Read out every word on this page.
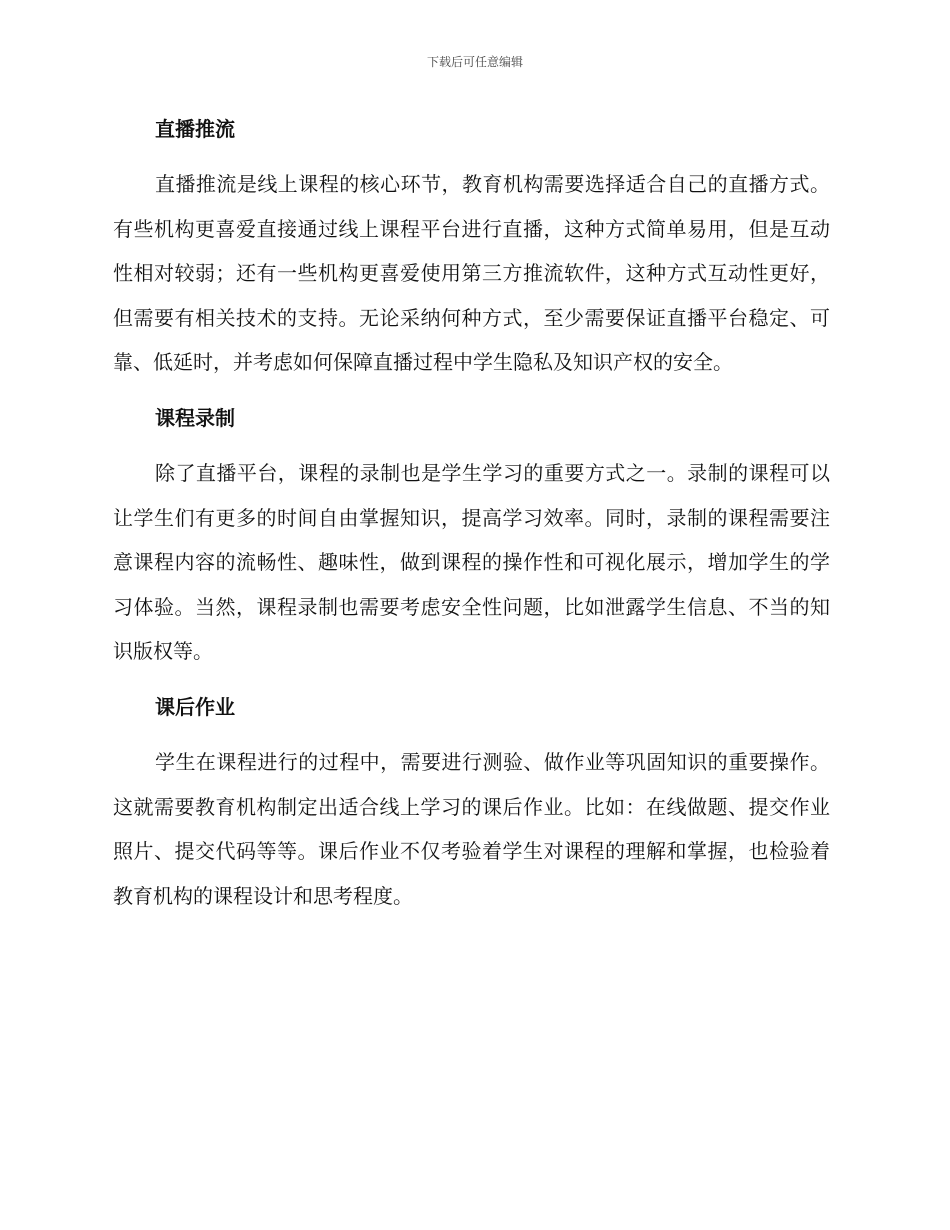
下载后可任意编辑
直播推流

直播推流是线上课程的核心环节，教育机构需要选择适合自己的直播方式。有些机构更喜爱直接通过线上课程平台进行直播，这种方式简单易用，但是互动性相对较弱；还有一些机构更喜爱使用第三方推流软件，这种方式互动性更好，但需要有相关技术的支持。无论采纳何种方式，至少需要保证直播平台稳定、可靠、低延时，并考虑如何保障直播过程中学生隐私及知识产权的安全。

课程录制

除了直播平台，课程的录制也是学生学习的重要方式之一。录制的课程可以让学生们有更多的时间自由掌握知识，提高学习效率。同时，录制的课程需要注意课程内容的流畅性、趣味性，做到课程的操作性和可视化展示，增加学生的学习体验。当然，课程录制也需要考虑安全性问题，比如泄露学生信息、不当的知识版权等。

课后作业

学生在课程进行的过程中，需要进行测验、做作业等巩固知识的重要操作。这就需要教育机构制定出适合线上学习的课后作业。比如：在线做题、提交作业照片、提交代码等等。课后作业不仅考验着学生对课程的理解和掌握，也检验着教育机构的课程设计和思考程度。
